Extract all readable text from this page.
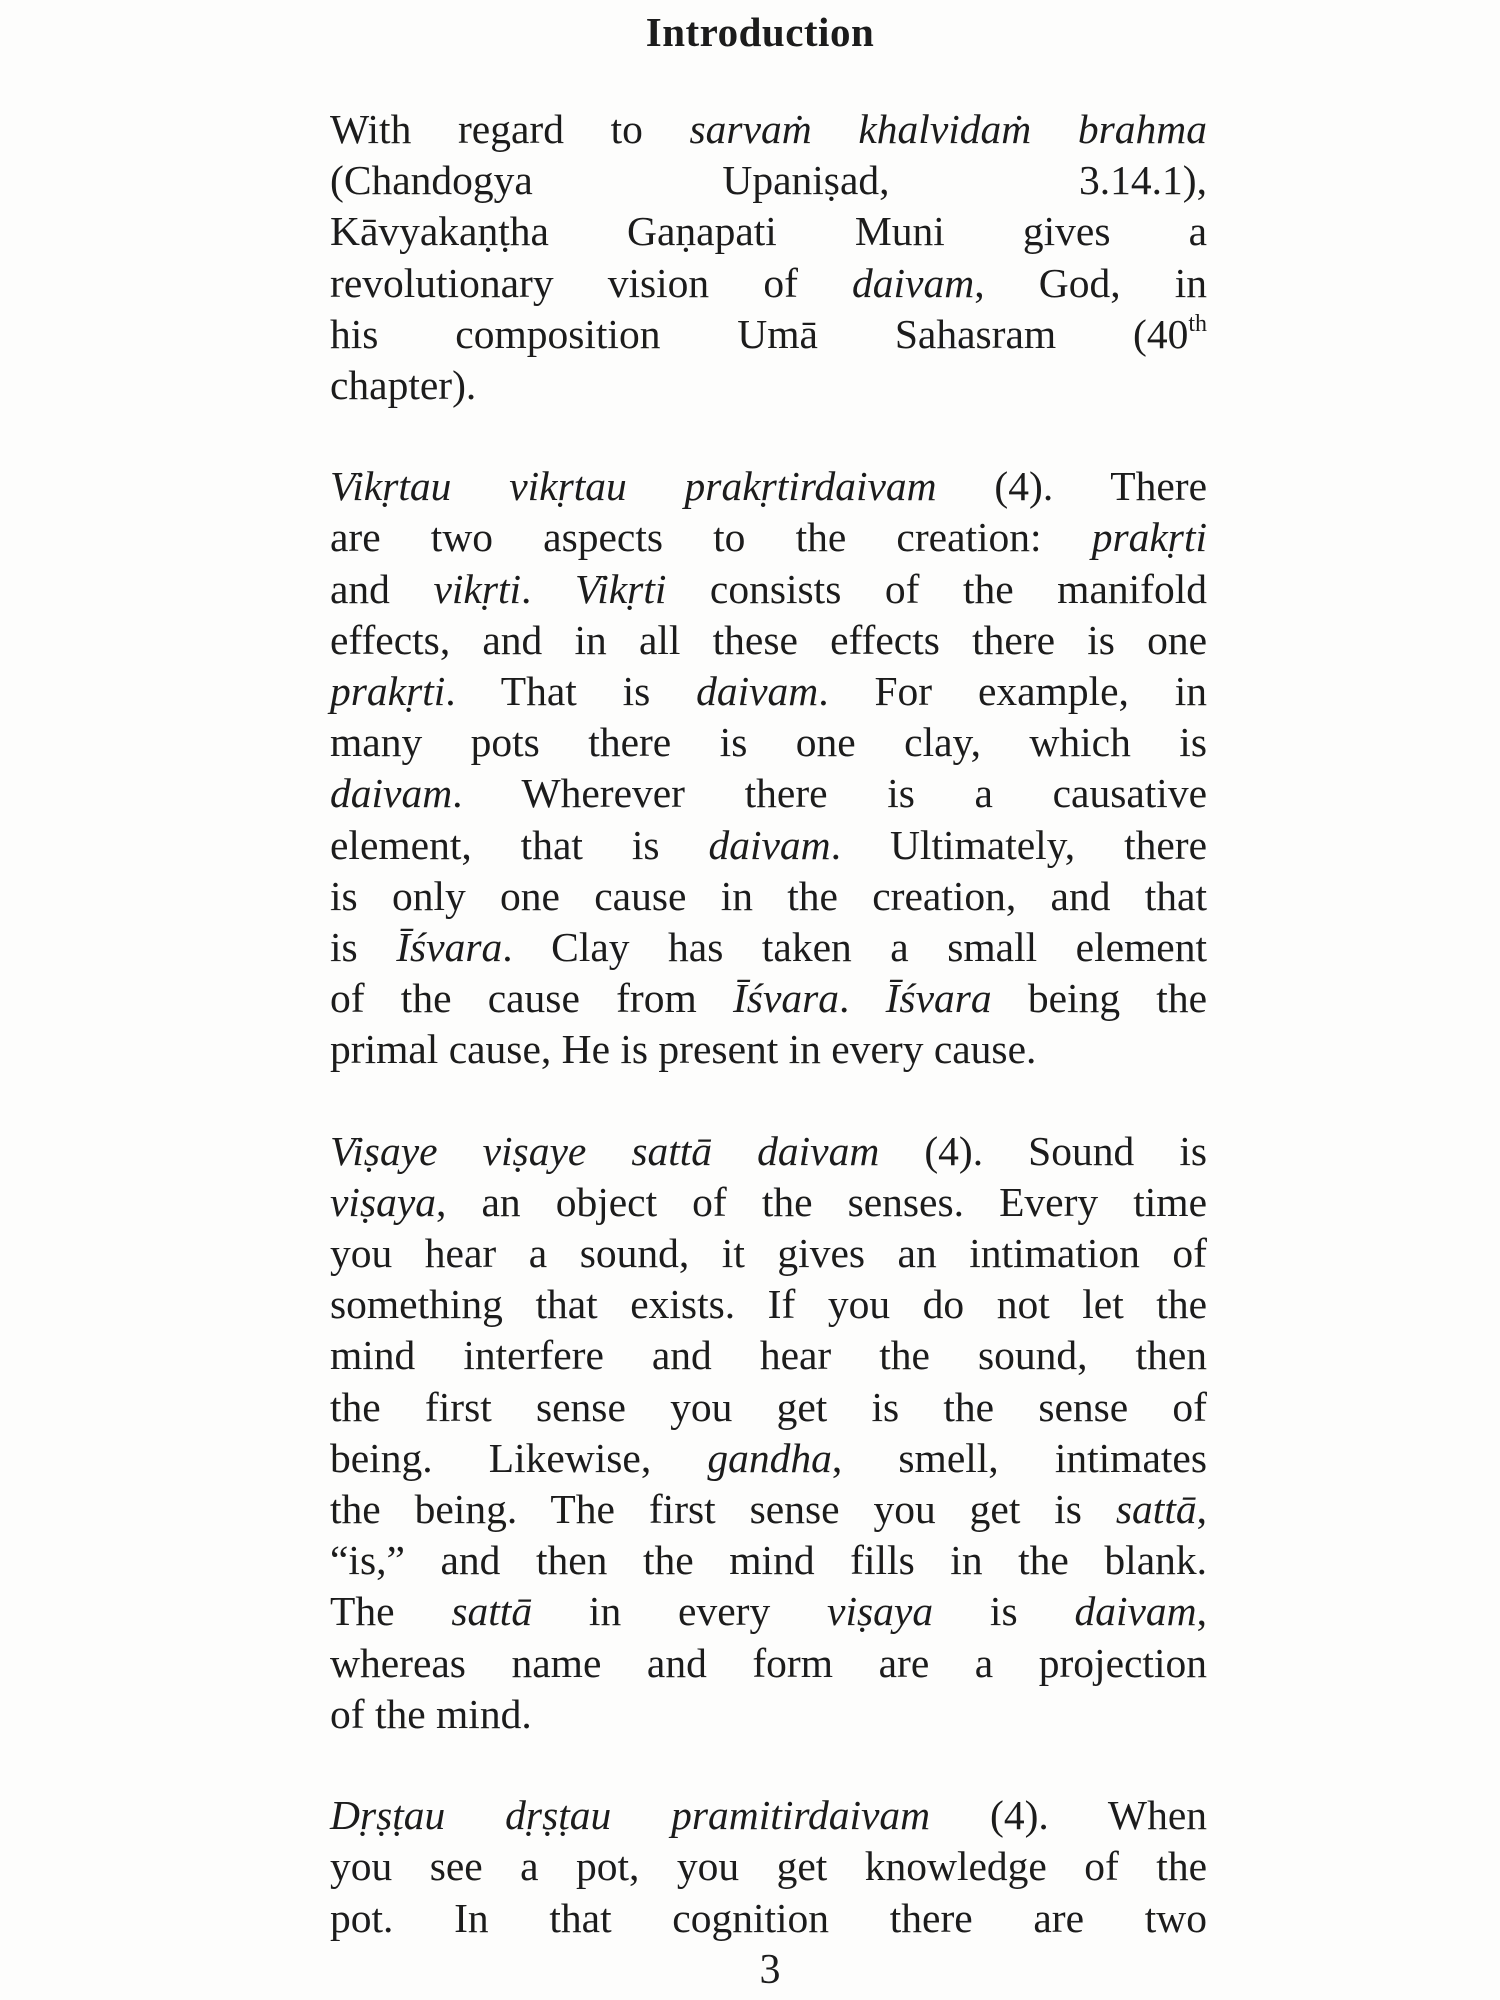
Introduction
With regard to sarvaṁ khalvidaṁ brahma
(Chandogya Upaniṣad, 3.14.1),
Kāvyakaṇṭha Gaṇapati Muni gives a
revolutionary vision of daivam, God, in
his composition Umā Sahasram (40th
chapter).
Vikṛtau vikṛtau prakṛtirdaivam (4). There
are two aspects to the creation: prakṛti
and vikṛti. Vikṛti consists of the manifold
effects, and in all these effects there is one
prakṛti. That is daivam. For example, in
many pots there is one clay, which is
daivam. Wherever there is a causative
element, that is daivam. Ultimately, there
is only one cause in the creation, and that
is Īśvara. Clay has taken a small element
of the cause from Īśvara. Īśvara being the
primal cause, He is present in every cause.
Viṣaye viṣaye sattā daivam (4). Sound is
viṣaya, an object of the senses. Every time
you hear a sound, it gives an intimation of
something that exists. If you do not let the
mind interfere and hear the sound, then
the first sense you get is the sense of
being. Likewise, gandha, smell, intimates
the being. The first sense you get is sattā,
“is,” and then the mind fills in the blank.
The sattā in every viṣaya is daivam,
whereas name and form are a projection
of the mind.
Dṛṣṭau dṛṣṭau pramitirdaivam (4). When
you see a pot, you get knowledge of the
pot. In that cognition there are two
3
